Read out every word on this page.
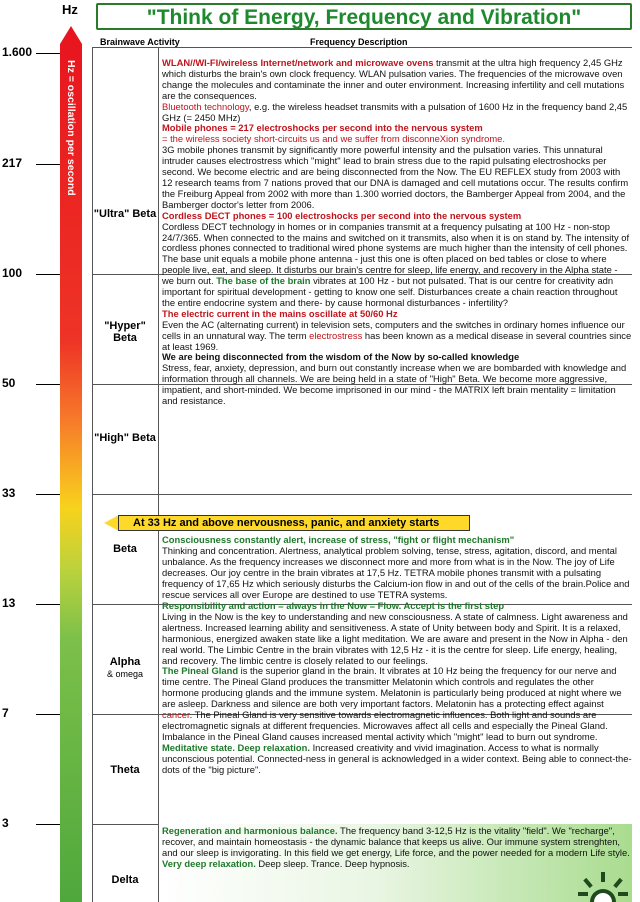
Hz	"Think of Energy, Frequency and Vibration"
Brainwave Activity	Frequency Description
Hz = oscillation per second
1.600
217
100
50
33
13
7
3
"Ultra" Beta
"Hyper" Beta
"High" Beta
Beta
Alpha
& omega
Theta
Delta

WLAN//WI-FI/wireless Internet/network and microwave ovens transmit at the ultra high frequency 2,45 GHz which disturbs the brain's own clock frequency. WLAN pulsation varies. The frequencies of the microwave oven change the molecules and contaminate the inner and outer environment. Increasing infertility and cell mutations are the consequences.

Bluetooth technology, e.g. the wireless headset transmits with a pulsation of 1600 Hz in the frequency band 2,45 GHz (= 2450 MHz)

Mobile phones = 217 electroshocks per second into the nervous system

= the wireless society short-circuits us and we suffer from disconneXion syndrome.

3G mobile phones transmit by significantly more powerful intensity and the pulsation varies. This unnatural intruder causes electrostress which "might" lead to brain stress due to the rapid pulsating electroshocks per second. We become electric and are being disconnected from the Now. The EU REFLEX study from 2003 with 12 research teams from 7 nations proved that our DNA is damaged and cell mutations occur. The results confirm the Freiburg Appeal from 2002 with more than 1.300 worried doctors, the Bamberger Appeal from 2004, and the Bamberger doctor's letter from 2006.

Cordless DECT phones = 100 electroshocks per second into the nervous system

Cordless DECT technology in homes or in companies transmit at a frequency pulsating at 100 Hz - non-stop 24/7/365. When connected to the mains and switched on it transmits, also when it is on stand by. The intensity of cordless phones connected to traditional wired phone systems are much higher than the intensity of cell phones. The base unit equals a mobile phone antenna - just this one is often placed on bed tables or close to where people live, eat, and sleep. It disturbs our brain's centre for sleep, life energy, and recovery in the Alpha state - we burn out. The base of the brain vibrates at 100 Hz - but not pulsated. That is our centre for creativity adn important for spiritual development - getting to know one self. Disturbances create a chain reaction throughout the entire endocrine system and there- by cause hormonal disturbances - infertility?

The electric current in the mains oscillate at 50/60 Hz

Even the AC (alternating current) in television sets, computers and the switches in ordinary homes influence our cells in an unnatural way. The term electrostress has been known as a medical disease in several countries since at least 1969.

We are being disconnected from the wisdom of the Now by so-called knowledge

Stress, fear, anxiety, depression, and burn out constantly increase when we are bombarded with knowledge and information through all channels. We are being held in a state of "High" Beta. We become more aggressive, impatient, and short-minded. We become imprisoned in our mind - the MATRIX left brain mentality = limitation and resistance.

At 33 Hz and above nervousness, panic, and anxiety starts

Consciousness constantly alert, increase of stress, "fight or flight mechanism"

Thinking and concentration. Alertness, analytical problem solving, tense, stress, agitation, discord, and mental unbalance. As the frequency increases we disconnect more and more from what is in the Now. The joy of Life decreases. Our joy centre in the brain vibrates at 17,5 Hz. TETRA mobile phones transmit with a pulsating frequency of 17,65 Hz which seriously disturbs the Calcium-ion flow in and out of the cells of the brain.Police and rescue services all over Europe are destined to use TETRA systems.

Responsibility and action = always in the Now = Flow. Accept is the first step

Living in the Now is the key to understanding and new consciousness. A state of calmness. Light awareness and alertness. Increased learning ability and sensitiveness. A state of Unity between body and Spirit. It is a relaxed, harmonious, energized awaken state like a light meditation. We are aware and present in the Now in Alpha - den real world. The Limbic Centre in the brain vibrates with 12,5 Hz - it is the centre for sleep. Life energy, healing, and recovery. The limbic centre is closely related to our feelings.

The Pineal Gland is the superior gland in the brain. It vibrates at 10 Hz being the frequency for our nerve and time centre. The Pineal Gland produces the transmitter Melatonin which controls and regulates the other hormone producing glands and the immune system. Melatonin is particularly being produced at night where we are asleep. Darkness and silence are both very important factors. Melatonin has a protecting effect against cancer. The Pineal Gland is very sensitive towards electromagnetic influences. Both light and sounds are electromagnetic signals at different frequencies. Microwaves affect all cells and especially the Pineal Gland. Imbalance in the Pineal Gland causes increased mental activity which "might" lead to burn out syndrome.

Meditative state. Deep relaxation. Increased creativity and vivid imagination. Access to what is normally unconscious potential. Connected-ness in general is acknowledged in a wider context. Being able to connect-the-dots of the "big picture".

Regeneration and harmonious balance. The frequency band 3-12,5 Hz is the vitality "field". We "recharge", recover, and maintain homeostasis - the dynamic balance that keeps us alive. Our immune system strenghten, and our sleep is invigorating. In this field we get energy, Life force, and the power needed for a modern Life style.

Very deep relaxation. Deep sleep. Trance. Deep hypnosis.
